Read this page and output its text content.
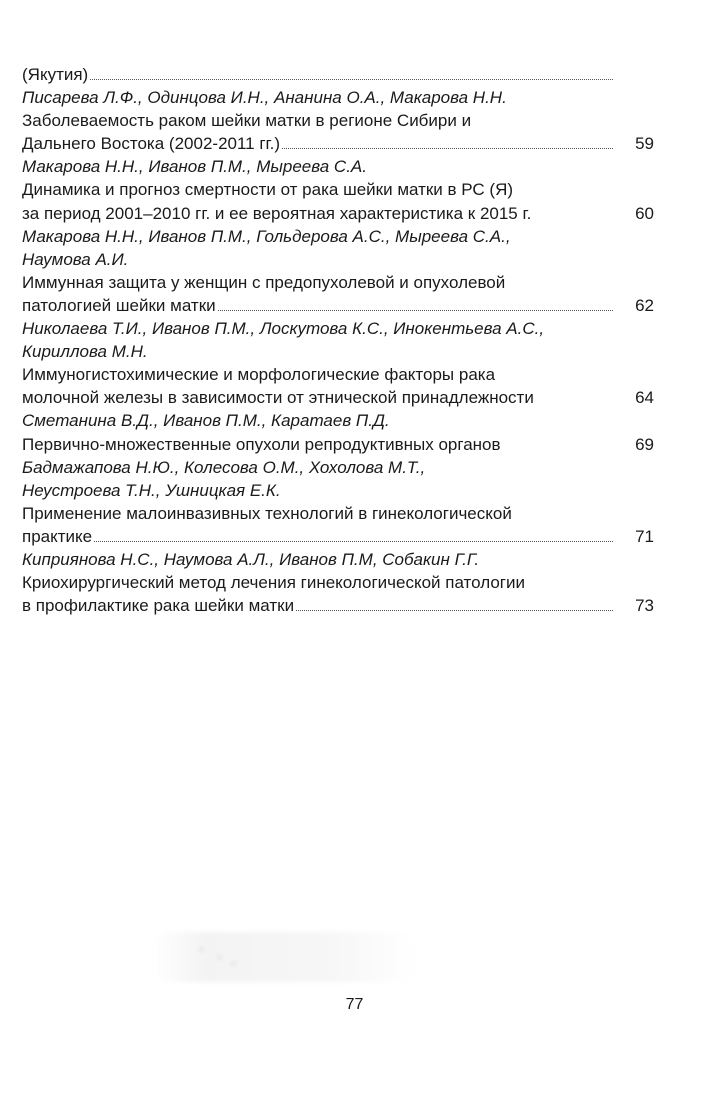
(Якутия)
Писарева Л.Ф., Одинцова И.Н., Ананина О.А., Макарова Н.Н.
Заболеваемость раком шейки матки в регионе Сибири и
Дальнего Востока (2002-2011 гг.)	59
Макарова Н.Н., Иванов П.М., Мыреева С.А.
Динамика и прогноз смертности от рака шейки матки в РС (Я)
за период 2001–2010 гг. и ее вероятная характеристика к 2015 г.	60
Макарова Н.Н., Иванов П.М., Гольдерова А.С., Мыреева С.А.,
Наумова А.И.
Иммунная защита у женщин с предопухолевой и опухолевой
патологией шейки матки	62
Николаева Т.И., Иванов П.М., Лоскутова К.С., Инокентьева А.С.,
Кириллова М.Н.
Иммуногистохимические и морфологические факторы рака
молочной железы в зависимости от этнической принадлежности	64
Сметанина В.Д., Иванов П.М., Каратаев П.Д.
Первично-множественные опухоли репродуктивных органов	69
Бадмажапова Н.Ю., Колесова О.М., Хохолова М.Т.,
Неустроева Т.Н., Ушницкая Е.К.
Применение малоинвазивных технологий в гинекологической
практике	71
Киприянова Н.С., Наумова А.Л., Иванов П.М, Собакин Г.Г.
Криохирургический метод лечения гинекологической патологии
в профилактике рака шейки матки	73
77
